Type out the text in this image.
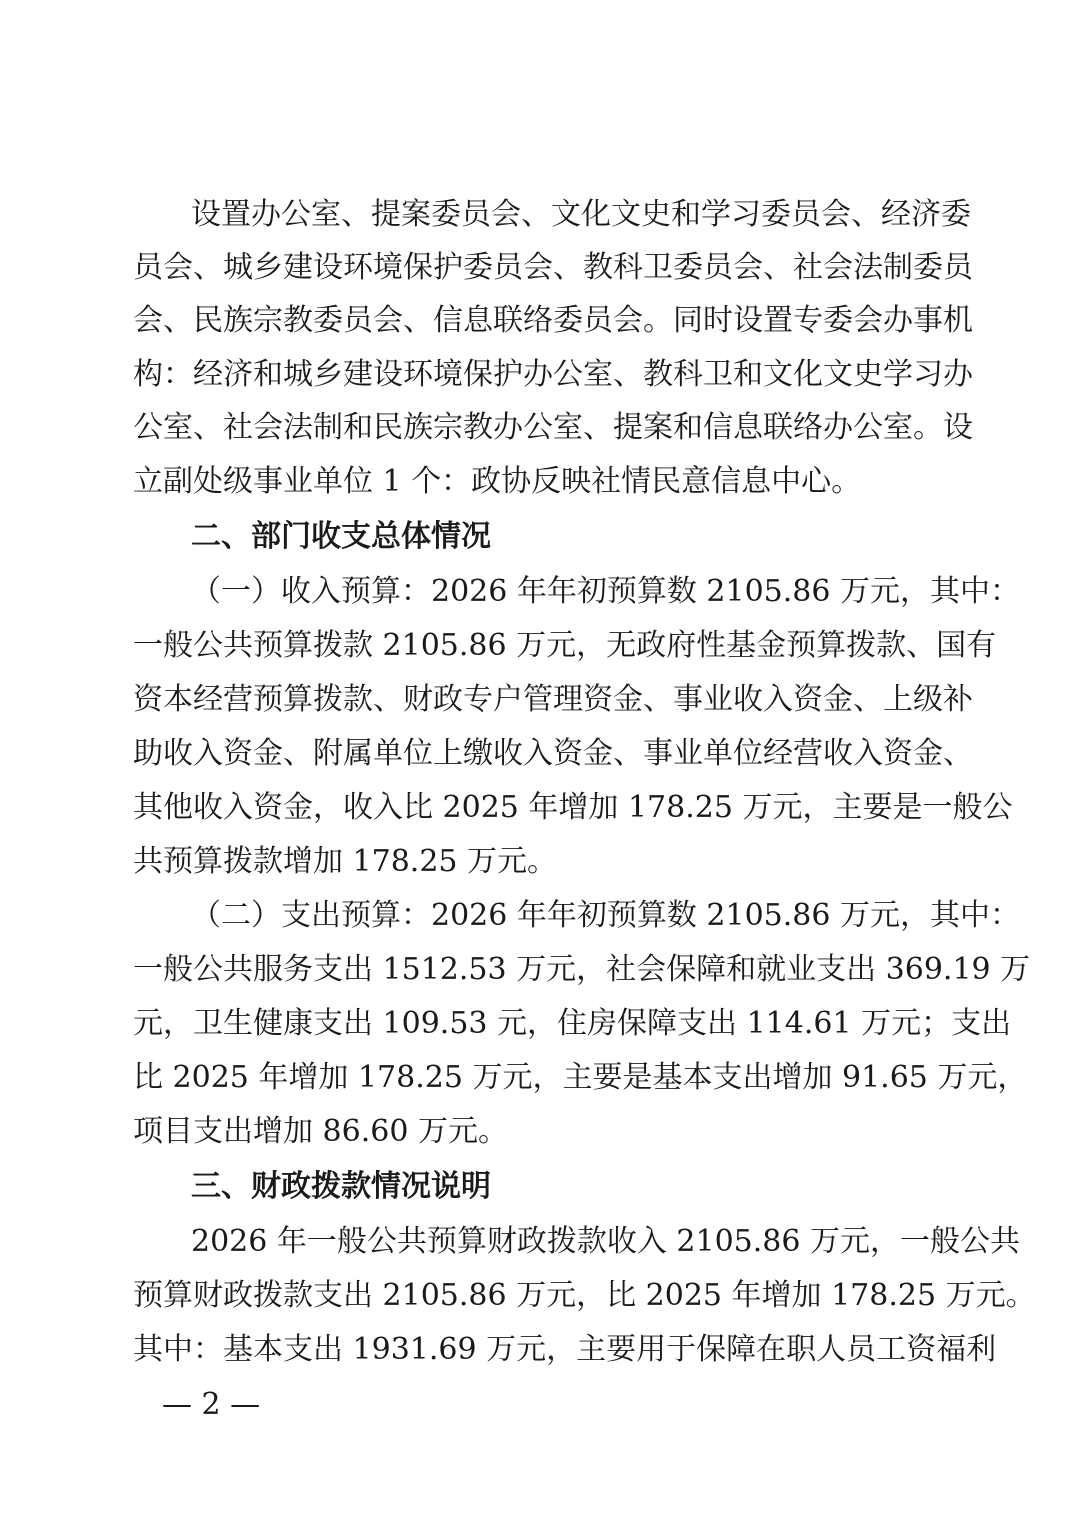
设置办公室、提案委员会、文化文史和学习委员会、经济委
员会、城乡建设环境保护委员会、教科卫委员会、社会法制委员
会、民族宗教委员会、信息联络委员会。同时设置专委会办事机
构：经济和城乡建设环境保护办公室、教科卫和文化文史学习办
公室、社会法制和民族宗教办公室、提案和信息联络办公室。设
立副处级事业单位 1 个：政协反映社情民意信息中心。
二、部门收支总体情况
（一）收入预算：2026 年年初预算数 2105.86 万元，其中：
一般公共预算拨款 2105.86 万元，无政府性基金预算拨款、国有
资本经营预算拨款、财政专户管理资金、事业收入资金、上级补
助收入资金、附属单位上缴收入资金、事业单位经营收入资金、
其他收入资金，收入比 2025 年增加 178.25 万元，主要是一般公
共预算拨款增加 178.25 万元。
（二）支出预算：2026 年年初预算数 2105.86 万元，其中：
一般公共服务支出 1512.53 万元，社会保障和就业支出 369.19 万
元，卫生健康支出 109.53 元，住房保障支出 114.61 万元；支出
比 2025 年增加 178.25 万元，主要是基本支出增加 91.65 万元，
项目支出增加 86.60 万元。
三、财政拨款情况说明
2026 年一般公共预算财政拨款收入 2105.86 万元，一般公共
预算财政拨款支出 2105.86 万元，比 2025 年增加 178.25 万元。
其中：基本支出 1931.69 万元，主要用于保障在职人员工资福利
— 2 —
